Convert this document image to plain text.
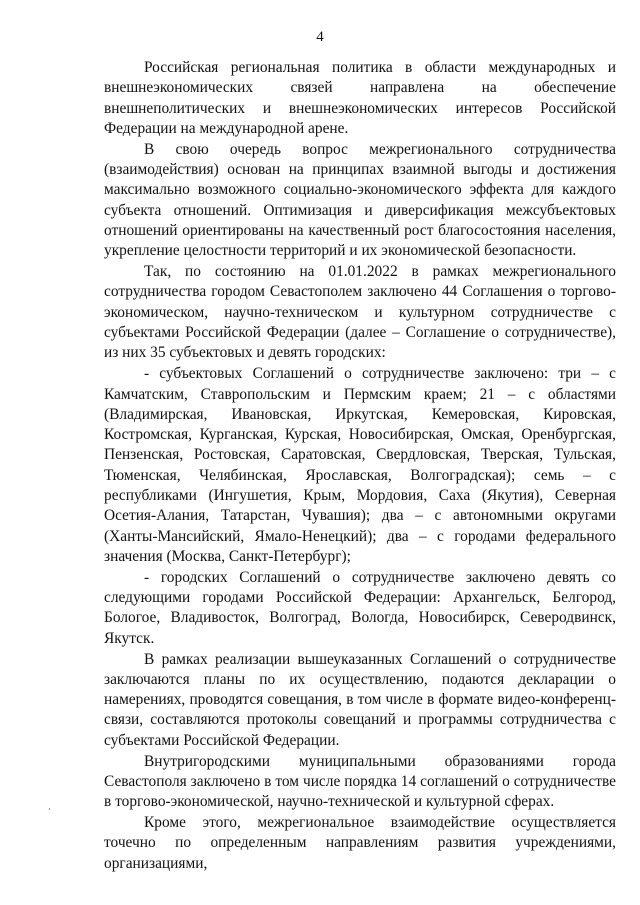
4

Российская региональная политика в области международных и внешнеэкономических связей направлена на обеспечение внешнеполитических и внешнеэкономических интересов Российской Федерации на международной арене.

В свою очередь вопрос межрегионального сотрудничества (взаимодействия) основан на принципах взаимной выгоды и достижения максимально возможного социально-экономического эффекта для каждого субъекта отношений. Оптимизация и диверсификация межсубъектовых отношений ориентированы на качественный рост благосостояния населения, укрепление целостности территорий и их экономической безопасности.

Так, по состоянию на 01.01.2022 в рамках межрегионального сотрудничества городом Севастополем заключено 44 Соглашения о торгово-экономическом, научно-техническом и культурном сотрудничестве с субъектами Российской Федерации (далее – Соглашение о сотрудничестве), из них 35 субъектовых и девять городских:

- субъектовых Соглашений о сотрудничестве заключено: три – с Камчатским, Ставропольским и Пермским краем; 21 – с областями (Владимирская, Ивановская, Иркутская, Кемеровская, Кировская, Костромская, Курганская, Курская, Новосибирская, Омская, Оренбургская, Пензенская, Ростовская, Саратовская, Свердловская, Тверская, Тульская, Тюменская, Челябинская, Ярославская, Волгоградская); семь – с республиками (Ингушетия, Крым, Мордовия, Саха (Якутия), Северная Осетия-Алания, Татарстан, Чувашия); два – с автономными округами (Ханты-Мансийский, Ямало-Ненецкий); два – с городами федерального значения (Москва, Санкт-Петербург);

- городских Соглашений о сотрудничестве заключено девять со следующими городами Российской Федерации: Архангельск, Белгород, Бологое, Владивосток, Волгоград, Вологда, Новосибирск, Северодвинск, Якутск.

В рамках реализации вышеуказанных Соглашений о сотрудничестве заключаются планы по их осуществлению, подаются декларации о намерениях, проводятся совещания, в том числе в формате видео-конференц-связи, составляются протоколы совещаний и программы сотрудничества с субъектами Российской Федерации.

Внутригородскими муниципальными образованиями города Севастополя заключено в том числе порядка 14 соглашений о сотрудничестве в торгово-экономической, научно-технической и культурной сферах.

Кроме этого, межрегиональное взаимодействие осуществляется точечно по определенным направлениям развития учреждениями, организациями,
